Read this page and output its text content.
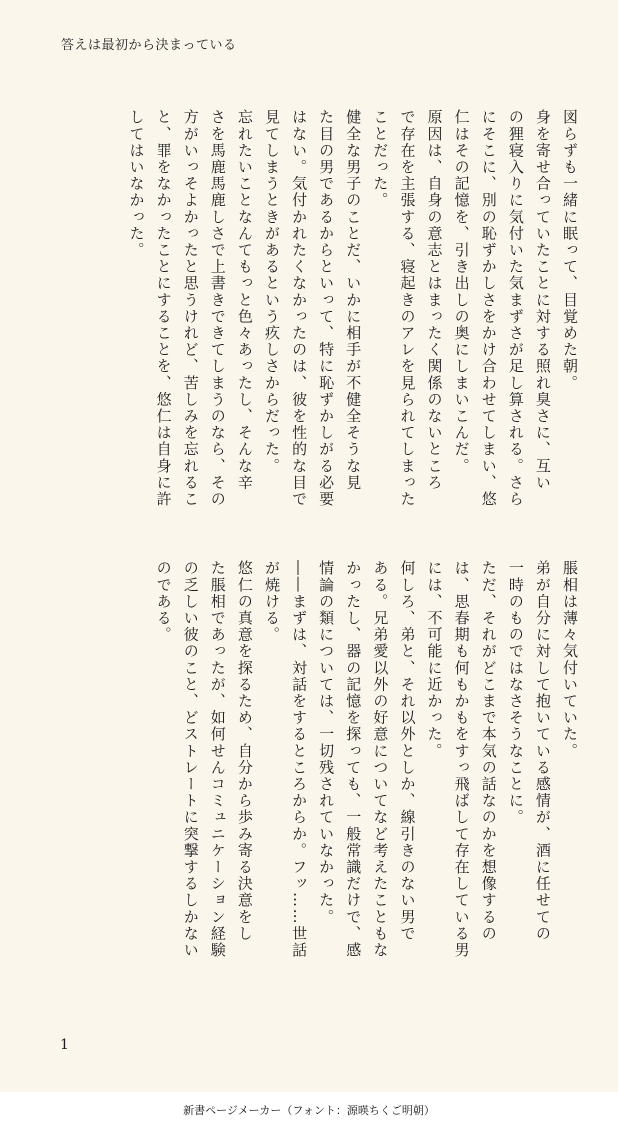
答えは最初から決まっている

図らずも一緒に眠って、目覚めた朝。

身を寄せ合っていたことに対する照れ臭さに、互い

の狸寝入りに気付いた気まずさが足し算される。さら

にそこに、別の恥ずかしさをかけ合わせてしまい、悠

仁はその記憶を、引き出しの奥にしまいこんだ。

原因は、自身の意志とはまったく関係のないところ

で存在を主張する、寝起きのアレを見られてしまった

ことだった。

健全な男子のことだ、いかに相手が不健全そうな見

た目の男であるからといって、特に恥ずかしがる必要

はない。気付かれたくなかったのは、彼を性的な目で

見てしまうときがあるという疚しさからだった。

忘れたいことなんてもっと色々あったし、そんな辛

さを馬鹿馬鹿しさで上書きできてしまうのなら、その

方がいっそよかったと思うけれど、苦しみを忘れるこ

と、罪をなかったことにすることを、悠仁は自身に許

してはいなかった。

脹相は薄々気付いていた。

弟が自分に対して抱いている感情が、酒に任せての

一時のものではなさそうなことに。

ただ、それがどこまで本気の話なのかを想像するの

は、思春期も何もかもをすっ飛ばして存在している男

には、不可能に近かった。

何しろ、弟と、それ以外としか、線引きのない男で

ある。兄弟愛以外の好意についてなど考えたこともな

かったし、器の記憶を探っても、一般常識だけで、感

情論の類については、一切残されていなかった。

――まずは、対話をするところからか。フッ……世話

が焼ける。

悠仁の真意を探るため、自分から歩み寄る決意をし

た脹相であったが、如何せんコミュニケーション経験

の乏しい彼のこと、どストレートに突撃するしかない

のである。

1
新書ページメーカー（フォント：源暎ちくご明朝）
